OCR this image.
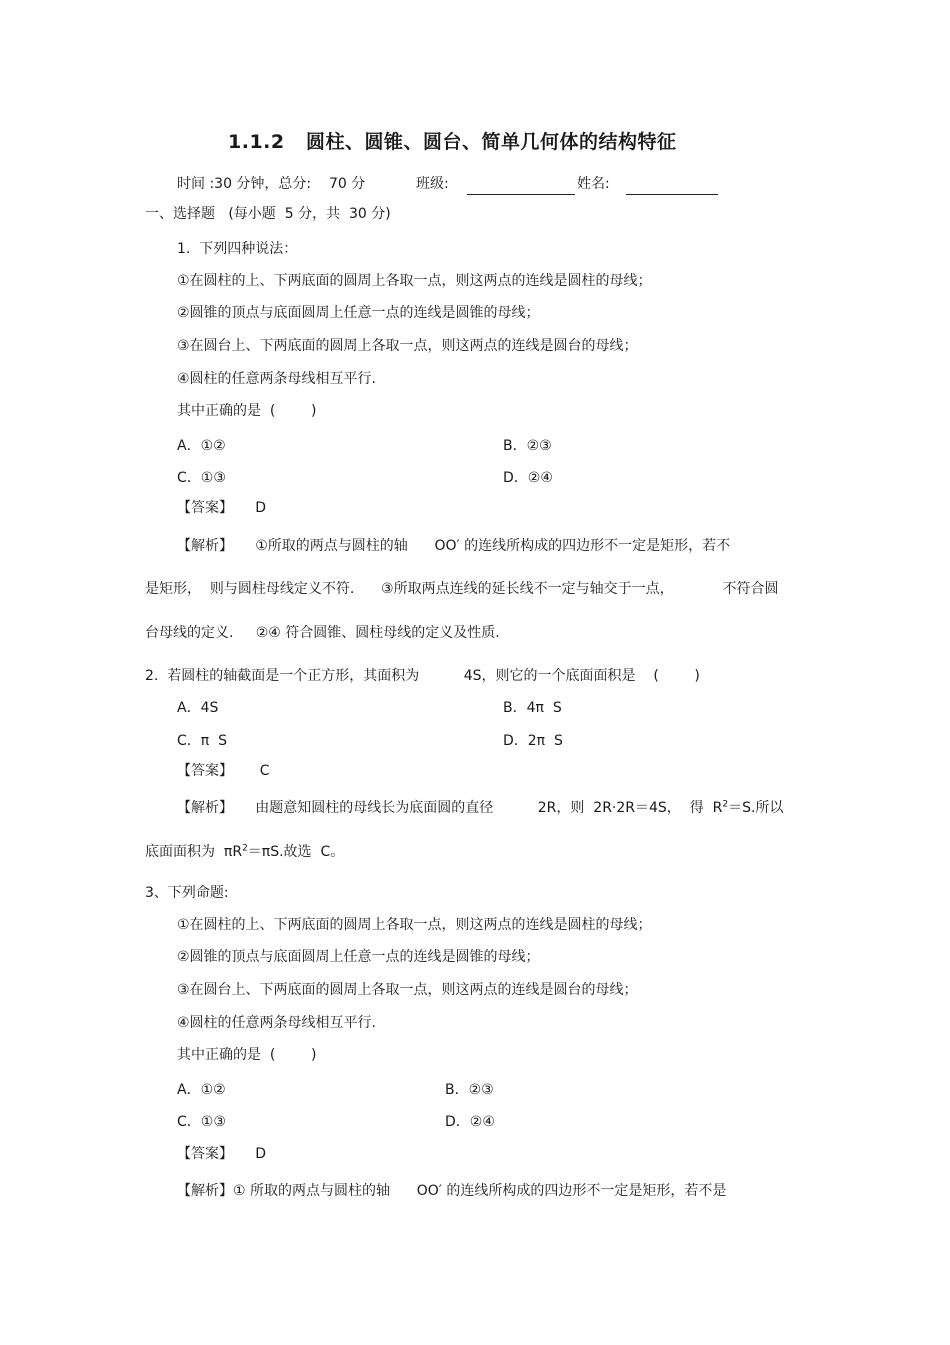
1.1.2   圆柱、圆锥、圆台、简单几何体的结构特征
时间 :30 分钟，总分:    70 分	班级:	姓名:
一、选择题   (每小题  5 分，共  30 分)
1.  下列四种说法：
①在圆柱的上、下两底面的圆周上各取一点，则这两点的连线是圆柱的母线；
②圆锥的顶点与底面圆周上任意一点的连线是圆锥的母线；
③在圆台上、下两底面的圆周上各取一点，则这两点的连线是圆台的母线；
④圆柱的任意两条母线相互平行.
其中正确的是  (        )
A．①②	B．②③
C．①③	D．②④
【答案】     D
【解析】     ①所取的两点与圆柱的轴      OO′ 的连线所构成的四边形不一定是矩形，若不
是矩形，  则与圆柱母线定义不符.      ③所取两点连线的延长线不一定与轴交于一点，           不符合圆
台母线的定义.     ②④ 符合圆锥、圆柱母线的定义及性质.
2.  若圆柱的轴截面是一个正方形，其面积为          4S，则它的一个底面面积是    (        )
A．4S	B．4π  S
C．π  S	D．2π  S
【答案】      C
【解析】     由题意知圆柱的母线长为底面圆的直径          2R，则  2R·2R＝4S，  得  $R^2=S$.所以
底面面积为  $\pi R^2=\pi S$.故选  C。
3、下列命题:
①在圆柱的上、下两底面的圆周上各取一点，则这两点的连线是圆柱的母线；
②圆锥的顶点与底面圆周上任意一点的连线是圆锥的母线；
③在圆台上、下两底面的圆周上各取一点，则这两点的连线是圆台的母线；
④圆柱的任意两条母线相互平行.
其中正确的是  (        )
A．①②	B．②③
C．①③	D．②④
【答案】     D
【解析】① 所取的两点与圆柱的轴      OO′ 的连线所构成的四边形不一定是矩形，若不是
